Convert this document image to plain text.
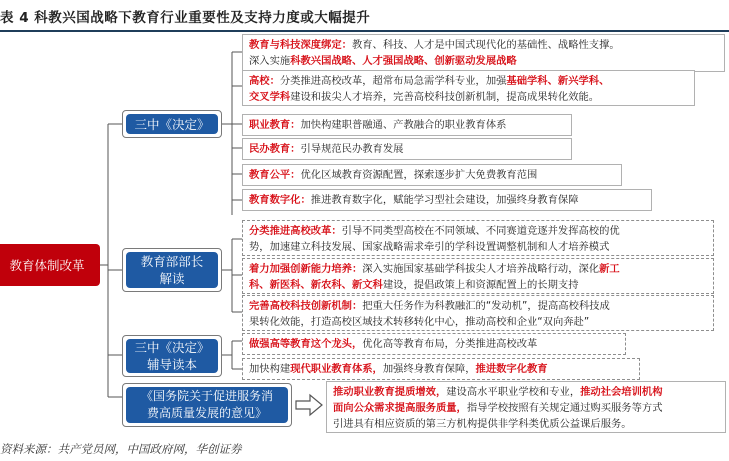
表 4 科教兴国战略下教育行业重要性及支持力度或大幅提升
教育体制改革
三中《决定》
教育部部长
解读
三中《决定》
辅导读本
《国务院关于促进服务消
费高质量发展的意见》
教育与科技深度绑定：教育、科技、人才是中国式现代化的基础性、战略性支撑。
深入实施科教兴国战略、人才强国战略、创新驱动发展战略
高校：分类推进高校改革，超常布局急需学科专业，加强基础学科、新兴学科、
交叉学科建设和拔尖人才培养，完善高校科技创新机制，提高成果转化效能。
职业教育：加快构建职普融通、产教融合的职业教育体系
民办教育：引导规范民办教育发展
教育公平：优化区域教育资源配置，探索逐步扩大免费教育范围
教育数字化：推进教育数字化，赋能学习型社会建设，加强终身教育保障
分类推进高校改革：引导不同类型高校在不同领域、不同赛道竞逐并发挥高校的优
势，加速建立科技发展、国家战略需求牵引的学科设置调整机制和人才培养模式
着力加强创新能力培养：深入实施国家基础学科拔尖人才培养战略行动，深化新工
科、新医科、新农科、新文科建设，提倡政策上和资源配置上的长期支持
完善高校科技创新机制：把重大任务作为科教融汇的“发动机”，提高高校科技成
果转化效能，打造高校区域技术转移转化中心，推动高校和企业“双向奔赴”
做强高等教育这个龙头，优化高等教育布局，分类推进高校改革
加快构建现代职业教育体系，加强终身教育保障，推进数字化教育
推动职业教育提质增效，建设高水平职业学校和专业，推动社会培训机构
面向公众需求提高服务质量，指导学校按照有关规定通过购买服务等方式
引进具有相应资质的第三方机构提供非学科类优质公益课后服务。
资料来源：共产党员网，中国政府网，华创证券
